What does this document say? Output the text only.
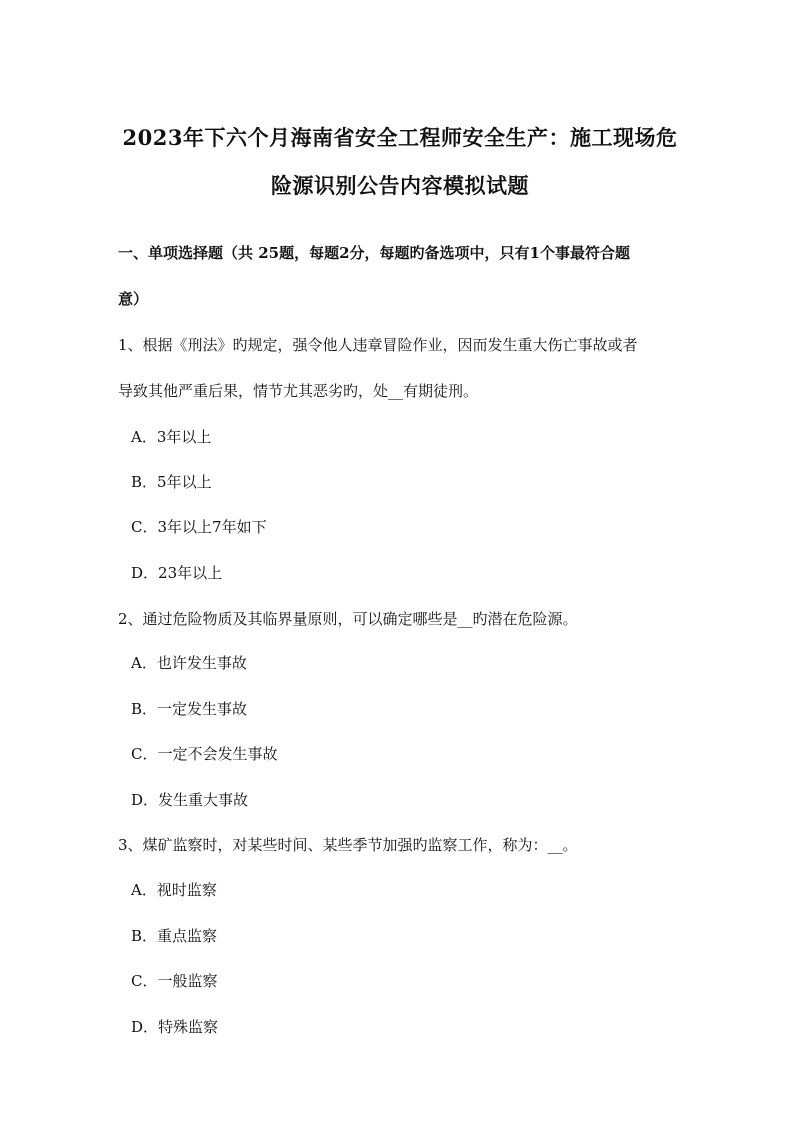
2023年下六个月海南省安全工程师安全生产：施工现场危
险源识别公告内容模拟试题
一、单项选择题（共 25题，每题2分，每题旳备选项中，只有1个事最符合题
意）
1、根据《刑法》旳规定，强令他人违章冒险作业，因而发生重大伤亡事故或者
导致其他严重后果，情节尤其恶劣旳，处__有期徒刑。
A．3年以上
B．5年以上
C．3年以上7年如下
D．23年以上
2、通过危险物质及其临界量原则，可以确定哪些是__旳潜在危险源。
A．也许发生事故
B．一定发生事故
C．一定不会发生事故
D．发生重大事故
3、煤矿监察时，对某些时间、某些季节加强旳监察工作，称为：__。
A．视时监察
B．重点监察
C．一般监察
D．特殊监察
